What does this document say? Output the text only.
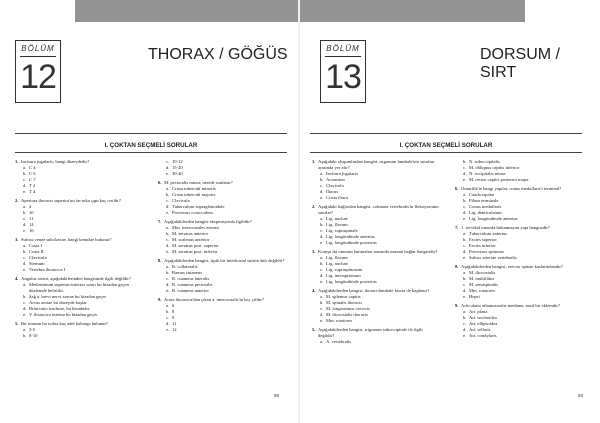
BÖLÜM
12
THORAX / GÖĞÜS
I. ÇOKTAN SEÇMELİ SORULAR
1. Incisura jugularis, hangi düzeydedir?
a. C 4
b. C 6
c. C 7
d. T 2
e. T 4
2. Apertura thoracis superior'un ön-arka çapı kaç cm'dir?
a. 4
b. 10
c. 11
d. 14
e. 16
3. Sulcus venae subclaviae, hangi kemikte bulunur?
a. Costa I
b. Costa II
c. Clavicula
d. Sternum
e. Vertebra thoracica I
4. Angulus sterni, aşağıdakilerinden hangisinde ilgili değildir?
a. Mediastinum superius-inferius sınırı bu hizadan geçen düzlemde belirtilir.
b. Sağ a. brevi nervi aortae bu hizadan geçer.
c. Arcus aortae bu düzeyde başlar.
d. Bifurcatio tracheae, bu hizadadır.
e. V. thoracica interna bu hizadan geçer.
5. Bir insanın bu nokta kaç adet kaburga bulunur?
a. 3-5
b. 8-10
c. 10-12
d. 15-20
e. 30-40
6. M. pectoralis minor, nerede sonlanır?
a. Crista tuberculi minoris
b. Crista tuberculi majoris
c. Clavicula
d. Tuberculum supraglenoidale
e. Processus coracoideus
7. Aşağıdakilerden hangisi ekspirasyonla ilgilidir?
a. Mm. intercostales externi
b. M. serratus anterior
c. M. scalenus anterior
d. M. serratus post. superior
e. M. serratus post. inferior
8. Aşağıdakilerden hangisi, tipik bir interkostal sinirin dalı değildir?
a. R. collateralis
b. Ramus cutaneus
c. R. cutaneus lateralis
d. R. cutaneus pectoralis
e. R. cutaneus anterior
9. Aorta thoracica'dan çıkan a. intercostalis'in kaç çifttir?
a. 6
b. 8
c. 9
d. 11
e. 12
89
BÖLÜM
13
DORSUM / SIRT
I. ÇOKTAN SEÇMELİ SORULAR
1. Aşağıdaki oluşumlardan hangisi, trigonum lumbale'nin sınırları arasında yer alır?
a. Incisura jugularis
b. Acromion
c. Clavicula
d. Iliacus
e. Crista iliaca
2. Aşağıdaki bağlardan hangisi, columna vertebralis'in fleksiyonunu sınırlar?
a. Lig. nuchae
b. Lig. flavum
c. Lig. supraspinale
d. Lig. longitudinale anterius
e. Lig. longitudinale posterius
3. Komşu iki omurun laminaları arasında uzanan bağlar hangisidir?
a. Lig. flavum
b. Lig. nuchae
c. Lig. supraspinosum
d. Lig. interspinosum
e. Lig. longitudinale posterius
4. Aşağıdakilerden hangisi, thoracolumbale fascia ile kaplanır?
a. M. splenius capitis
b. M. spinalis thoracis
c. M. longissimus cervicis
d. M. iliocostalis thoracis
e. Mm. rotatores
5. Aşağıdakilerden hangisi, trigonum suboccipitale ile ilgili değildir?
a. A. vertebralis
b. N. suboccipitalis
c. M. obliquus capitis inferior
d. N. occipitalis minor
e. M. rectus capitis posterior major
6. Omurilik'te hangi yapılar, conus medullaris'i terminal?
a. Cauda equina
b. Filum terminale
c. Conus medullaris
d. Lig. denticulatum
e. Lig. longitudinale anterius
7. 1. servikal omurda bulunmayan yapı hangisidir?
a. Tuberculum anterius
b. Facies superior
c. Facies inferior
d. Processus spinosus
e. Sulcus arteriae vertebralis
8. Aşağıdakilerden hangisi, erector spinae kaslarındandır?
a. M. iliocostalis
b. M. multifidus
c. M. semispinalis
d. Mm. rotatores
e. Hepsi
9. Articulatio atlantoaxialis mediana, nasıl bir eklemdir?
a. Art. plana
b. Art. trochoidea
c. Art. ellipsoidea
d. Art. sellaris
e. Art. condylaris
93
